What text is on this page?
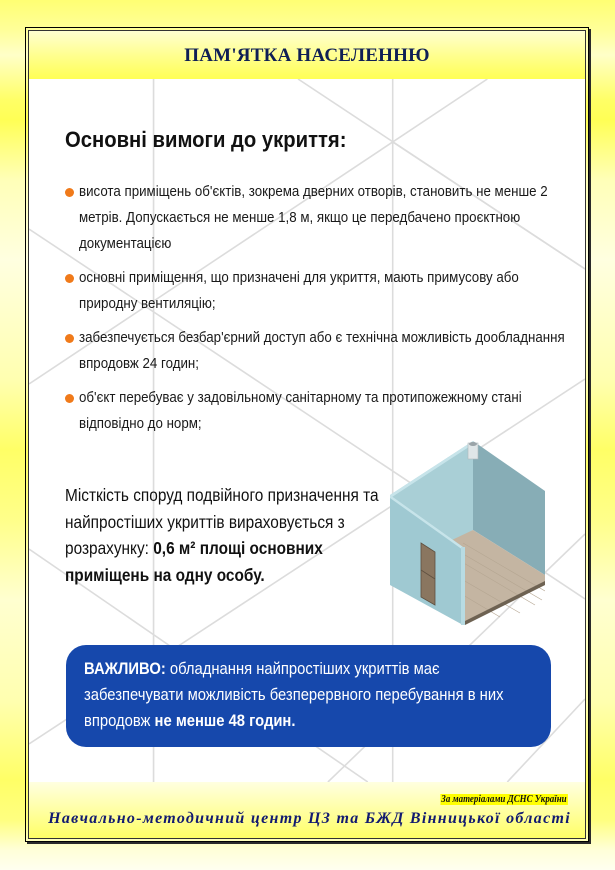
ПАМ'ЯТКА НАСЕЛЕННЮ
Основні вимоги до укриття:
висота приміщень об'єктів, зокрема дверних отворів, становить не менше 2 метрів. Допускається не менше 1,8 м, якщо це передбачено проєктною документацією
основні приміщення, що призначені для укриття, мають примусову або природну вентиляцію;
забезпечується безбар'єрний доступ або є технічна можливість дообладнання впродовж 24 годин;
об'єкт перебуває у задовільному санітарному та протипожежному стані відповідно до норм;
Місткість споруд подвійного призначення та найпростіших укриттів вираховується з розрахунку: 0,6 м² площі основних приміщень на одну особу.
ВАЖЛИВО: обладнання найпростіших укриттів має забезпечувати можливість безперервного перебування в них впродовж не менше 48 годин.
За матеріалами ДСНС України
Навчально-методичний центр ЦЗ та БЖД Вінницької області
